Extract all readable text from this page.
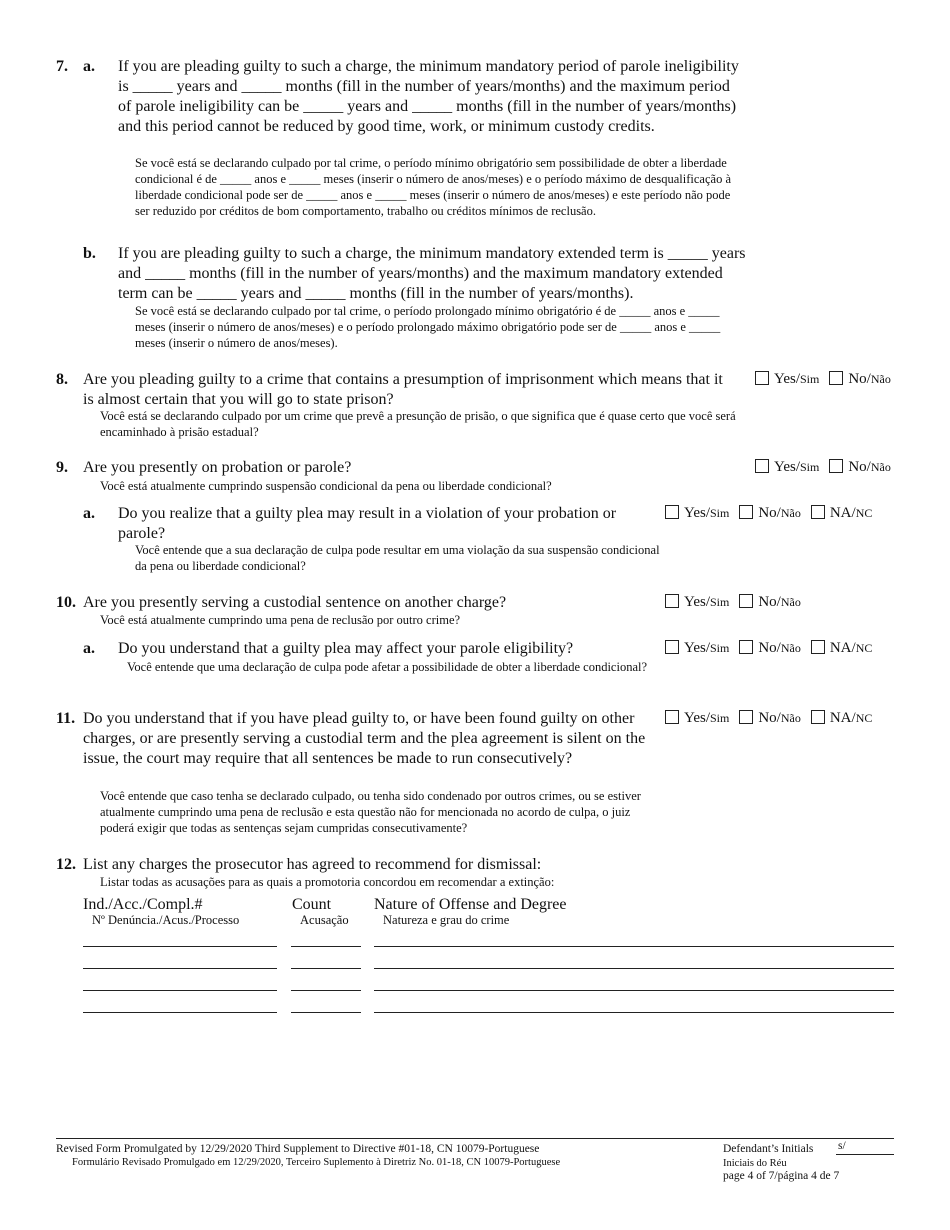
7. a. If you are pleading guilty to such a charge, the minimum mandatory period of parole ineligibility is _____ years and _____ months (fill in the number of years/months) and the maximum period of parole ineligibility can be _____ years and _____ months (fill in the number of years/months) and this period cannot be reduced by good time, work, or minimum custody credits.
Se você está se declarando culpado por tal crime, o período mínimo obrigatório sem possibilidade de obter a liberdade condicional é de _____ anos e _____ meses (inserir o número de anos/meses) e o período máximo de desqualificação à liberdade condicional pode ser de _____ anos e _____ meses (inserir o número de anos/meses) e este período não pode ser reduzido por créditos de bom comportamento, trabalho ou créditos mínimos de reclusão.
b. If you are pleading guilty to such a charge, the minimum mandatory extended term is _____ years and _____ months (fill in the number of years/months) and the maximum mandatory extended term can be _____ years and _____ months (fill in the number of years/months).
Se você está se declarando culpado por tal crime, o período prolongado mínimo obrigatório é de _____ anos e _____ meses (inserir o número de anos/meses) e o período prolongado máximo obrigatório pode ser de _____ anos e _____ meses (inserir o número de anos/meses).
8. Are you pleading guilty to a crime that contains a presumption of imprisonment which means that it is almost certain that you will go to state prison?
Você está se declarando culpado por um crime que prevê a presunção de prisão, o que significa que é quase certo que você será encaminhado à prisão estadual?
Yes/Sim No/Não
9. Are you presently on probation or parole?
Você está atualmente cumprindo suspensão condicional da pena ou liberdade condicional?
Yes/Sim No/Não
a. Do you realize that a guilty plea may result in a violation of your probation or parole?
Você entende que a sua declaração de culpa pode resultar em uma violação da sua suspensão condicional da pena ou liberdade condicional?
Yes/Sim No/Não NA/NC
10. Are you presently serving a custodial sentence on another charge?
Você está atualmente cumprindo uma pena de reclusão por outro crime?
Yes/Sim No/Não
a. Do you understand that a guilty plea may affect your parole eligibility?
Você entende que uma declaração de culpa pode afetar a possibilidade de obter a liberdade condicional?
Yes/Sim No/Não NA/NC
11. Do you understand that if you have plead guilty to, or have been found guilty on other charges, or are presently serving a custodial term and the plea agreement is silent on the issue, the court may require that all sentences be made to run consecutively?
Você entende que caso tenha se declarado culpado, ou tenha sido condenado por outros crimes, ou se estiver atualmente cumprindo uma pena de reclusão e esta questão não for mencionada no acordo de culpa, o juiz poderá exigir que todas as sentenças sejam cumpridas consecutivamente?
Yes/Sim No/Não NA/NC
12. List any charges the prosecutor has agreed to recommend for dismissal:
Listar todas as acusações para as quais a promotoria concordou em recomendar a extinção:
Ind./Acc./Compl.#
Nº Denúncia./Acus./Processo
Count
Acusação
Nature of Offense and Degree
Natureza e grau do crime
Revised Form Promulgated by 12/29/2020 Third Supplement to Directive #01-18, CN 10079-Portuguese
Formulário Revisado Promulgado em 12/29/2020, Terceiro Suplemento à Diretriz No. 01-18, CN 10079-Portuguese
Defendant’s Initials s/
Iniciais do Réu
page 4 of 7/página 4 de 7
